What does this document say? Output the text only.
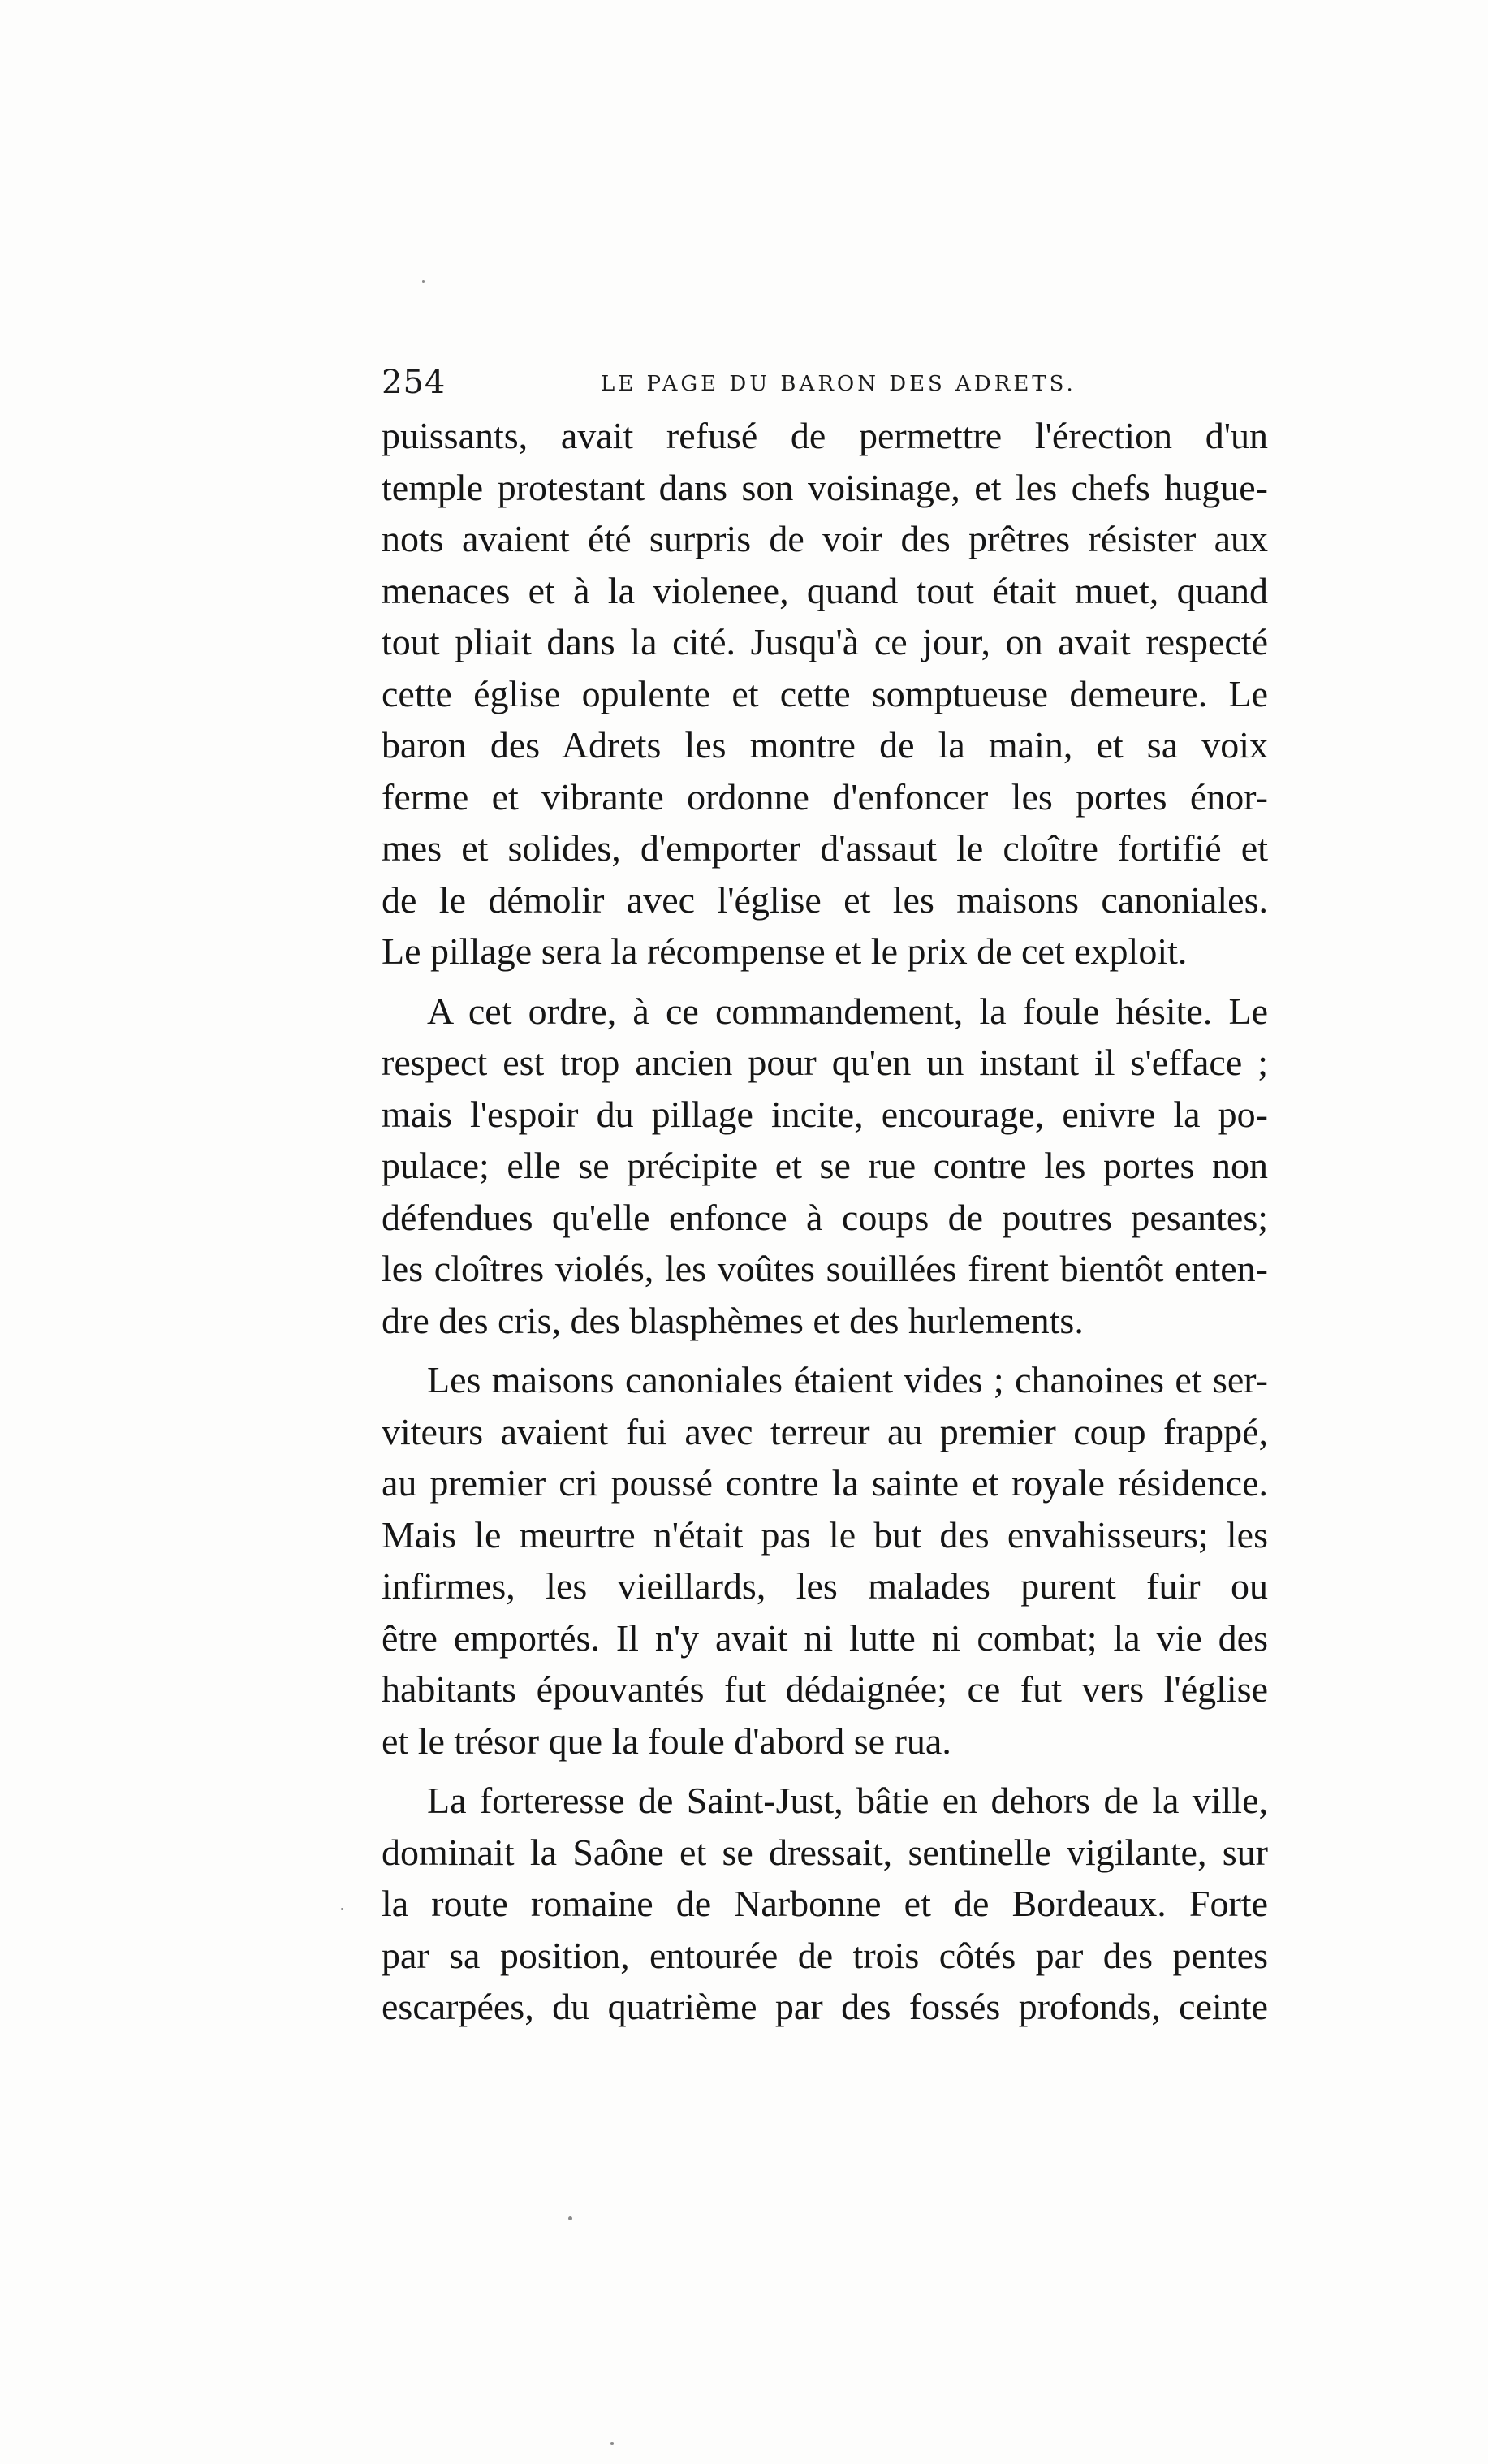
254	LE PAGE DU BARON DES ADRETS.
puissants, avait refusé de permettre l'érection d'un
temple protestant dans son voisinage, et les chefs hugue-
nots avaient été surpris de voir des prêtres résister aux
menaces et à la violenee, quand tout était muet, quand
tout pliait dans la cité. Jusqu'à ce jour, on avait respecté
cette église opulente et cette somptueuse demeure. Le
baron des Adrets les montre de la main, et sa voix
ferme et vibrante ordonne d'enfoncer les portes énor-
mes et solides, d'emporter d'assaut le cloître fortifié et
de le démolir avec l'église et les maisons canoniales.
Le pillage sera la récompense et le prix de cet exploit.
A cet ordre, à ce commandement, la foule hésite. Le
respect est trop ancien pour qu'en un instant il s'efface ;
mais l'espoir du pillage incite, encourage, enivre la po-
pulace; elle se précipite et se rue contre les portes non
défendues qu'elle enfonce à coups de poutres pesantes;
les cloîtres violés, les voûtes souillées firent bientôt enten-
dre des cris, des blasphèmes et des hurlements.
Les maisons canoniales étaient vides ; chanoines et ser-
viteurs avaient fui avec terreur au premier coup frappé,
au premier cri poussé contre la sainte et royale résidence.
Mais le meurtre n'était pas le but des envahisseurs; les
infirmes, les vieillards, les malades purent fuir ou
être emportés. Il n'y avait ni lutte ni combat; la vie des
habitants épouvantés fut dédaignée; ce fut vers l'église
et le trésor que la foule d'abord se rua.
La forteresse de Saint-Just, bâtie en dehors de la ville,
dominait la Saône et se dressait, sentinelle vigilante, sur
la route romaine de Narbonne et de Bordeaux. Forte
par sa position, entourée de trois côtés par des pentes
escarpées, du quatrième par des fossés profonds, ceinte
